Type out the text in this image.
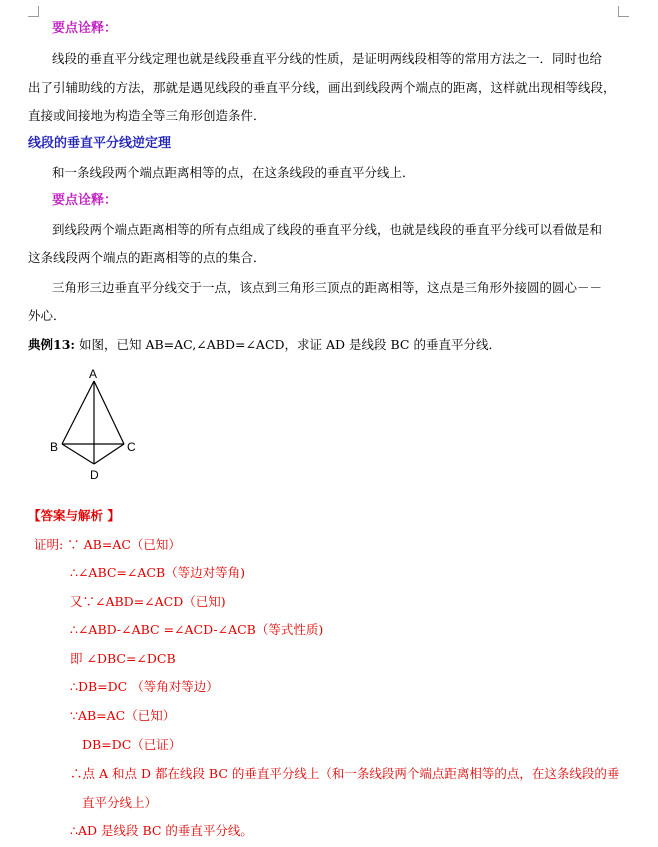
要点诠释：
线段的垂直平分线定理也就是线段垂直平分线的性质，是证明两线段相等的常用方法之一．同时也给
出了引辅助线的方法，那就是遇见线段的垂直平分线，画出到线段两个端点的距离，这样就出现相等线段，
直接或间接地为构造全等三角形创造条件．
线段的垂直平分线逆定理
和一条线段两个端点距离相等的点，在这条线段的垂直平分线上．
要点诠释：
到线段两个端点距离相等的所有点组成了线段的垂直平分线，也就是线段的垂直平分线可以看做是和
这条线段两个端点的距离相等的点的集合．
三角形三边垂直平分线交于一点，该点到三角形三顶点的距离相等，这点是三角形外接圆的圆心－－
外心．
典例13: 如图，已知 AB=AC,∠ABD=∠ACD，求证 AD 是线段 BC 的垂直平分线．
A
B	C
D
【答案与解析 】
证明: ∵ AB=AC（已知）
∴∠ABC=∠ACB（等边对等角)
又∵∠ABD=∠ACD（已知)
∴∠ABD-∠ABC =∠ACD-∠ACB（等式性质)
即 ∠DBC=∠DCB
∴DB=DC （等角对等边）
∵AB=AC（已知）
DB=DC（已证）
∴点 A 和点 D 都在线段 BC 的垂直平分线上（和一条线段两个端点距离相等的点，在这条线段的垂
直平分线上）
∴AD 是线段 BC 的垂直平分线。
